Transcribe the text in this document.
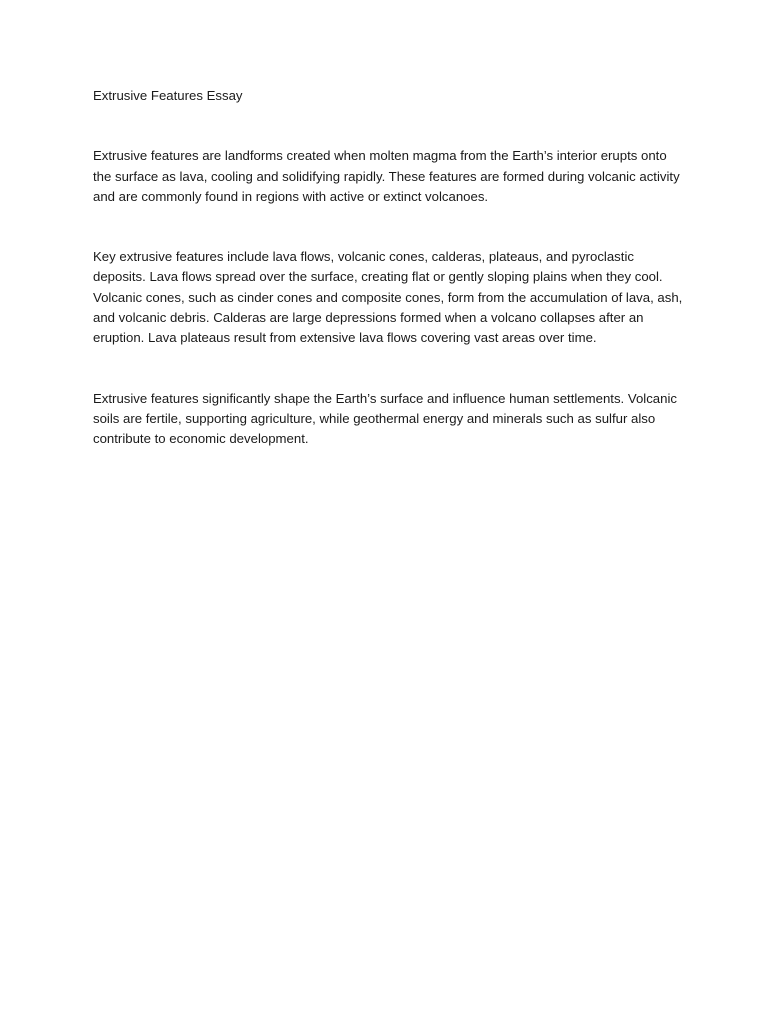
Extrusive Features Essay

Extrusive features are landforms created when molten magma from the Earth’s interior erupts onto the surface as lava, cooling and solidifying rapidly. These features are formed during volcanic activity and are commonly found in regions with active or extinct volcanoes.

Key extrusive features include lava flows, volcanic cones, calderas, plateaus, and pyroclastic deposits. Lava flows spread over the surface, creating flat or gently sloping plains when they cool. Volcanic cones, such as cinder cones and composite cones, form from the accumulation of lava, ash, and volcanic debris. Calderas are large depressions formed when a volcano collapses after an eruption. Lava plateaus result from extensive lava flows covering vast areas over time.

Extrusive features significantly shape the Earth’s surface and influence human settlements. Volcanic soils are fertile, supporting agriculture, while geothermal energy and minerals such as sulfur also contribute to economic development.
